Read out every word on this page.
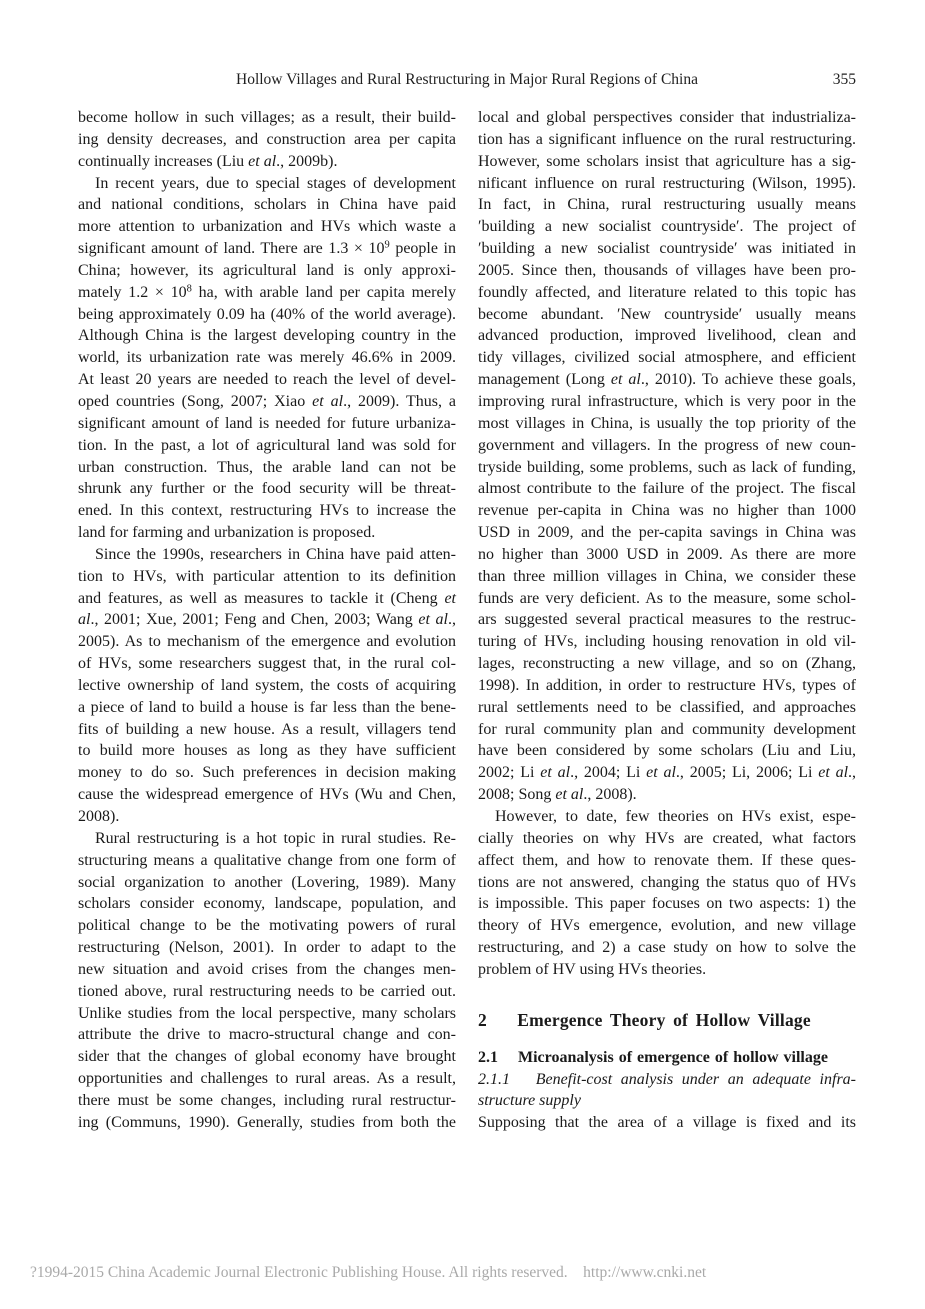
Hollow Villages and Rural Restructuring in Major Rural Regions of China	355
become hollow in such villages; as a result, their build-
ing density decreases, and construction area per capita
continually increases (Liu et al., 2009b).
In recent years, due to special stages of development
and national conditions, scholars in China have paid
more attention to urbanization and HVs which waste a
significant amount of land. There are $1.3 \times 10^9$ people in
China; however, its agricultural land is only approxi-
mately $1.2 \times 10^8$ ha, with arable land per capita merely
being approximately 0.09 ha (40% of the world average).
Although China is the largest developing country in the
world, its urbanization rate was merely 46.6% in 2009.
At least 20 years are needed to reach the level of devel-
oped countries (Song, 2007; Xiao et al., 2009). Thus, a
significant amount of land is needed for future urbaniza-
tion. In the past, a lot of agricultural land was sold for
urban construction. Thus, the arable land can not be
shrunk any further or the food security will be threat-
ened. In this context, restructuring HVs to increase the
land for farming and urbanization is proposed.
Since the 1990s, researchers in China have paid atten-
tion to HVs, with particular attention to its definition
and features, as well as measures to tackle it (Cheng et
al., 2001; Xue, 2001; Feng and Chen, 2003; Wang et al.,
2005). As to mechanism of the emergence and evolution
of HVs, some researchers suggest that, in the rural col-
lective ownership of land system, the costs of acquiring
a piece of land to build a house is far less than the bene-
fits of building a new house. As a result, villagers tend
to build more houses as long as they have sufficient
money to do so. Such preferences in decision making
cause the widespread emergence of HVs (Wu and Chen,
2008).
Rural restructuring is a hot topic in rural studies. Re-
structuring means a qualitative change from one form of
social organization to another (Lovering, 1989). Many
scholars consider economy, landscape, population, and
political change to be the motivating powers of rural
restructuring (Nelson, 2001). In order to adapt to the
new situation and avoid crises from the changes men-
tioned above, rural restructuring needs to be carried out.
Unlike studies from the local perspective, many scholars
attribute the drive to macro-structural change and con-
sider that the changes of global economy have brought
opportunities and challenges to rural areas. As a result,
there must be some changes, including rural restructur-
ing (Communs, 1990). Generally, studies from both the
local and global perspectives consider that industrializa-
tion has a significant influence on the rural restructuring.
However, some scholars insist that agriculture has a sig-
nificant influence on rural restructuring (Wilson, 1995).
In fact, in China, rural restructuring usually means
′building a new socialist countryside′. The project of
′building a new socialist countryside′ was initiated in
2005. Since then, thousands of villages have been pro-
foundly affected, and literature related to this topic has
become abundant. ′New countryside′ usually means
advanced production, improved livelihood, clean and
tidy villages, civilized social atmosphere, and efficient
management (Long et al., 2010). To achieve these goals,
improving rural infrastructure, which is very poor in the
most villages in China, is usually the top priority of the
government and villagers. In the progress of new coun-
tryside building, some problems, such as lack of funding,
almost contribute to the failure of the project. The fiscal
revenue per-capita in China was no higher than 1000
USD in 2009, and the per-capita savings in China was
no higher than 3000 USD in 2009. As there are more
than three million villages in China, we consider these
funds are very deficient. As to the measure, some schol-
ars suggested several practical measures to the restruc-
turing of HVs, including housing renovation in old vil-
lages, reconstructing a new village, and so on (Zhang,
1998). In addition, in order to restructure HVs, types of
rural settlements need to be classified, and approaches
for rural community plan and community development
have been considered by some scholars (Liu and Liu,
2002; Li et al., 2004; Li et al., 2005; Li, 2006; Li et al.,
2008; Song et al., 2008).
However, to date, few theories on HVs exist, espe-
cially theories on why HVs are created, what factors
affect them, and how to renovate them. If these ques-
tions are not answered, changing the status quo of HVs
is impossible. This paper focuses on two aspects: 1) the
theory of HVs emergence, evolution, and new village
restructuring, and 2) a case study on how to solve the
problem of HV using HVs theories.
2    Emergence Theory of Hollow Village
2.1    Microanalysis of emergence of hollow village
2.1.1   Benefit-cost analysis under an adequate infra-
structure supply
Supposing that the area of a village is fixed and its
?1994-2015 China Academic Journal Electronic Publishing House. All rights reserved.    http://www.cnki.net
